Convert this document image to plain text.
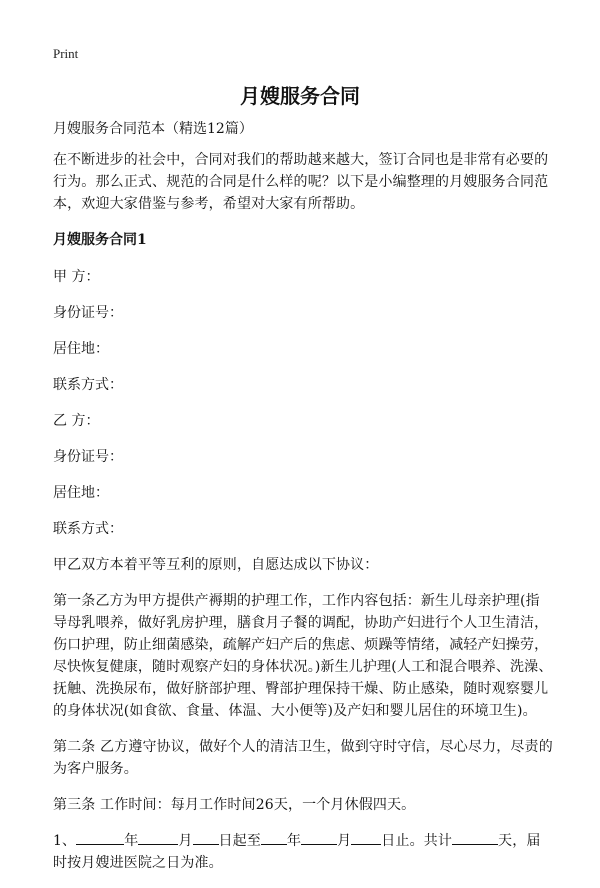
Print
月嫂服务合同

月嫂服务合同范本（精选12篇）

在不断进步的社会中，合同对我们的帮助越来越大，签订合同也是非常有必要的行为。那么正式、规范的合同是什么样的呢？以下是小编整理的月嫂服务合同范本，欢迎大家借鉴与参考，希望对大家有所帮助。

月嫂服务合同1

甲 方：

身份证号：

居住地：

联系方式：

乙 方：

身份证号：

居住地：

联系方式：

甲乙双方本着平等互利的原则，自愿达成以下协议：

第一条乙方为甲方提供产褥期的护理工作，工作内容包括：新生儿母亲护理(指导母乳喂养，做好乳房护理，膳食月子餐的调配，协助产妇进行个人卫生清洁，伤口护理，防止细菌感染，疏解产妇产后的焦虑、烦躁等情绪，减轻产妇操劳，尽快恢复健康，随时观察产妇的身体状况。)新生儿护理(人工和混合喂养、洗澡、抚触、洗换尿布，做好脐部护理、臀部护理保持干燥、防止感染，随时观察婴儿的身体状况(如食欲、食量、体温、大小便等)及产妇和婴儿居住的环境卫生)。

第二条 乙方遵守协议，做好个人的清洁卫生，做到守时守信，尽心尽力，尽责的为客户服务。

第三条 工作时间：每月工作时间26天，一个月休假四天。

1、	年	月 日起至 年	月 日止。共计	天，届时按月嫂进医院之日为准。
